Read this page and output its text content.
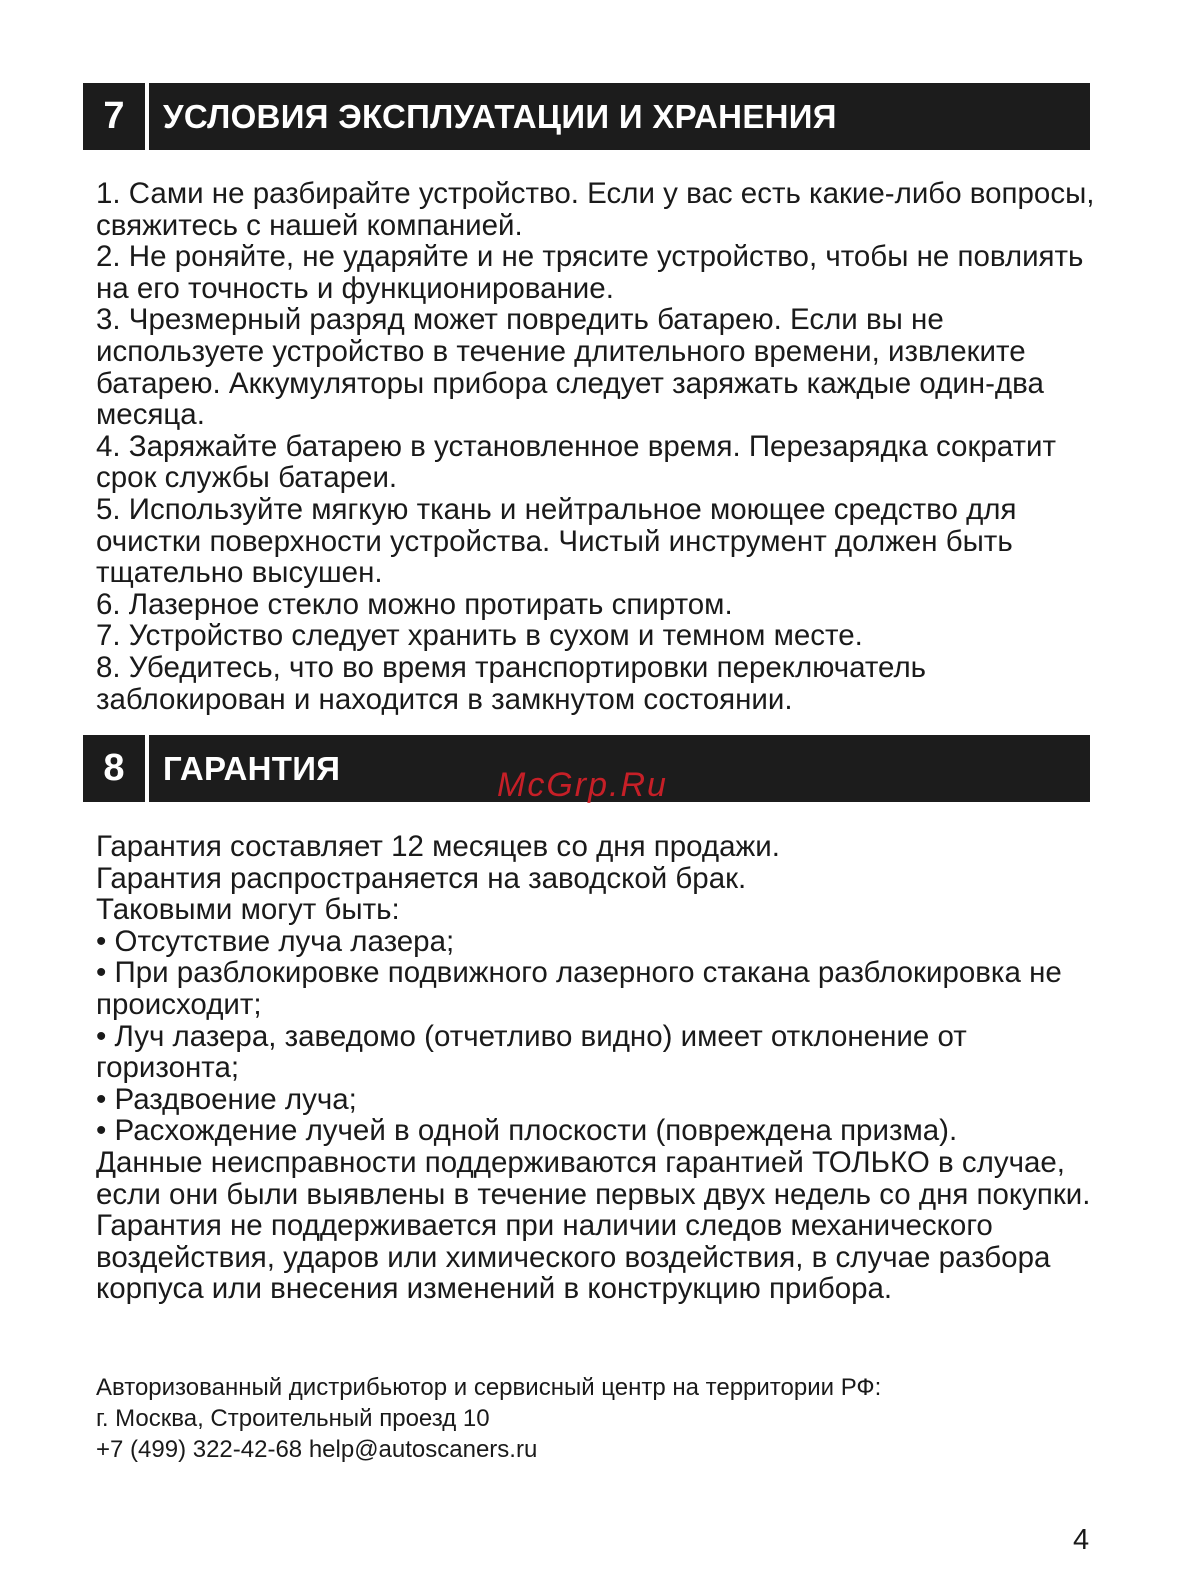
7	УСЛОВИЯ ЭКСПЛУАТАЦИИ И ХРАНЕНИЯ
1. Сами не разбирайте устройство. Если у вас есть какие-либо вопросы, свяжитесь с нашей компанией.
2. Не роняйте, не ударяйте и не трясите устройство, чтобы не повлиять на его точность и функционирование.
3. Чрезмерный разряд может повредить батарею. Если вы не используете устройство в течение длительного времени, извлеките батарею. Аккумуляторы прибора следует заряжать каждые один-два месяца.
4. Заряжайте батарею в установленное время. Перезарядка сократит срок службы батареи.
5. Используйте мягкую ткань и нейтральное моющее средство для очистки поверхности устройства. Чистый инструмент должен быть тщательно высушен.
6. Лазерное стекло можно протирать спиртом.
7. Устройство следует хранить в сухом и темном месте.
8. Убедитесь, что во время транспортировки переключатель заблокирован и находится в замкнутом состоянии.
8	ГАРАНТИЯ	McGrp.Ru
Гарантия составляет 12 месяцев со дня продажи.
Гарантия распространяется на заводской брак.
Таковыми могут быть:
• Отсутствие луча лазера;
• При разблокировке подвижного лазерного стакана разблокировка не происходит;
• Луч лазера, заведомо (отчетливо видно) имеет отклонение от горизонта;
• Раздвоение луча;
• Расхождение лучей в одной плоскости (повреждена призма).
Данные неисправности поддерживаются гарантией ТОЛЬКО в случае, если они были выявлены в течение первых двух недель со дня покупки.
Гарантия не поддерживается при наличии следов механического воздействия, ударов или химического воздействия, в случае разбора корпуса или внесения изменений в конструкцию прибора.
Авторизованный дистрибьютор и сервисный центр на территории РФ:
г. Москва, Строительный проезд 10
+7 (499) 322-42-68 help@autoscaners.ru
4
